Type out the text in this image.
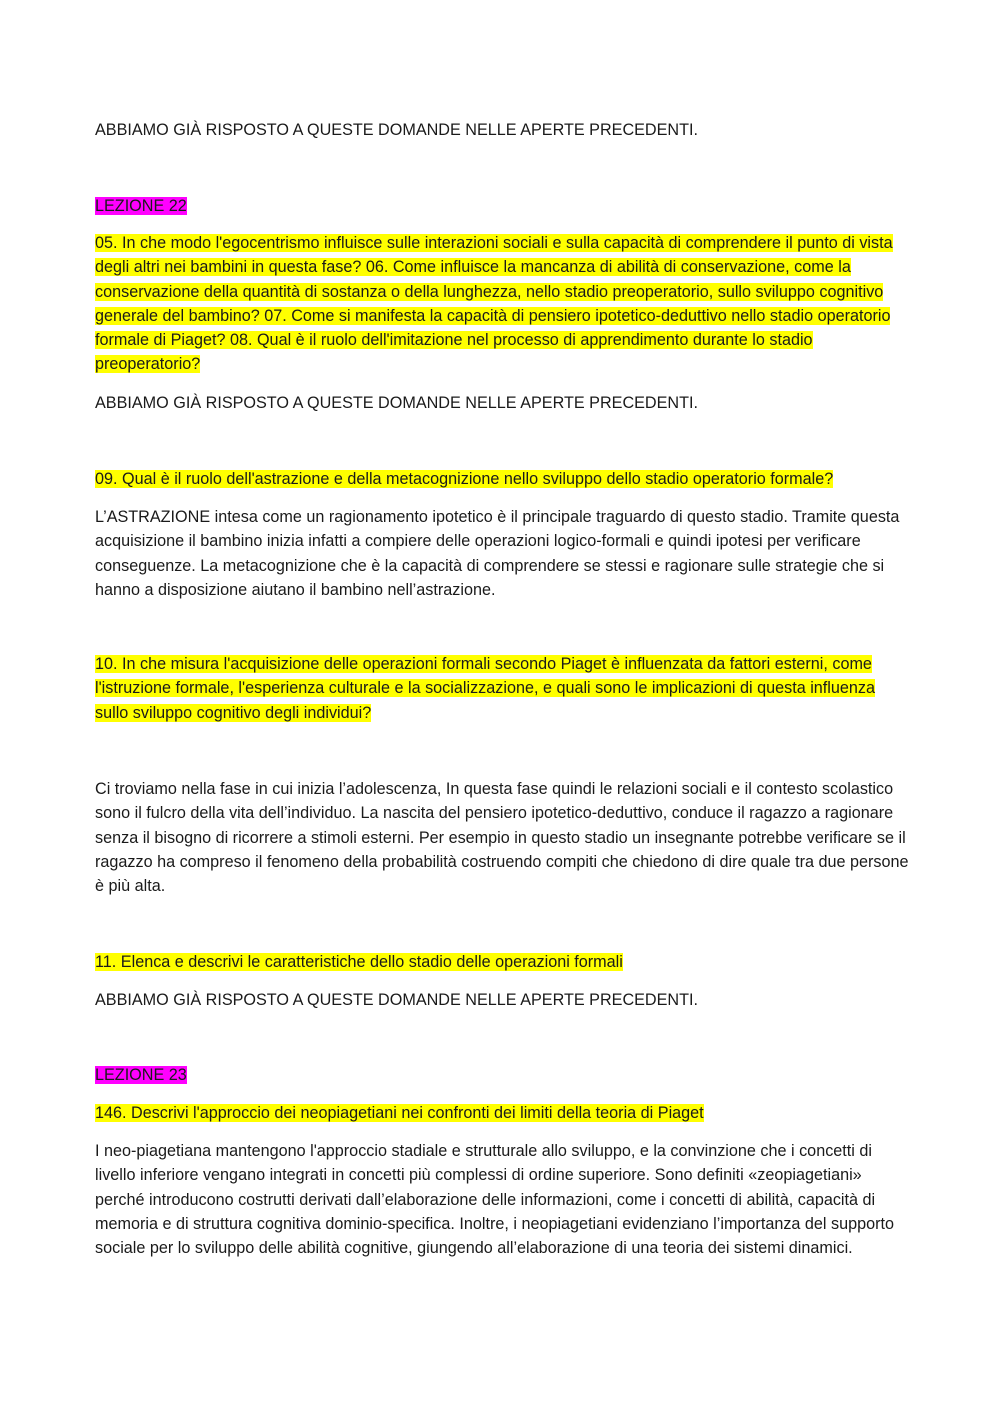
ABBIAMO GIÀ RISPOSTO A QUESTE DOMANDE NELLE APERTE PRECEDENTI.

LEZIONE 22

05. In che modo l'egocentrismo influisce sulle interazioni sociali e sulla capacità di comprendere il punto di vista degli altri nei bambini in questa fase? 06. Come influisce la mancanza di abilità di conservazione, come la conservazione della quantità di sostanza o della lunghezza, nello stadio preoperatorio, sullo sviluppo cognitivo generale del bambino? 07. Come si manifesta la capacità di pensiero ipotetico-deduttivo nello stadio operatorio formale di Piaget? 08. Qual è il ruolo dell'imitazione nel processo di apprendimento durante lo stadio preoperatorio?

ABBIAMO GIÀ RISPOSTO A QUESTE DOMANDE NELLE APERTE PRECEDENTI.

09. Qual è il ruolo dell'astrazione e della metacognizione nello sviluppo dello stadio operatorio formale?

L’ASTRAZIONE intesa come un ragionamento ipotetico è il principale traguardo di questo stadio. Tramite questa acquisizione il bambino inizia infatti a compiere delle operazioni logico-formali e quindi ipotesi per verificare conseguenze. La metacognizione che è la capacità di comprendere se stessi e ragionare sulle strategie che si hanno a disposizione aiutano il bambino nell’astrazione.

10. In che misura l'acquisizione delle operazioni formali secondo Piaget è influenzata da fattori esterni, come l'istruzione formale, l'esperienza culturale e la socializzazione, e quali sono le implicazioni di questa influenza sullo sviluppo cognitivo degli individui?

Ci troviamo nella fase in cui inizia l’adolescenza, In questa fase quindi le relazioni sociali e il contesto scolastico sono il fulcro della vita dell’individuo. La nascita del pensiero ipotetico-deduttivo, conduce il ragazzo a ragionare senza il bisogno di ricorrere a stimoli esterni. Per esempio in questo stadio un insegnante potrebbe verificare se il ragazzo ha compreso il fenomeno della probabilità costruendo compiti che chiedono di dire quale tra due persone è più alta.

11. Elenca e descrivi le caratteristiche dello stadio delle operazioni formali

ABBIAMO GIÀ RISPOSTO A QUESTE DOMANDE NELLE APERTE PRECEDENTI.

LEZIONE 23

146. Descrivi l'approccio dei neopiagetiani nei confronti dei limiti della teoria di Piaget

I neo-piagetiana mantengono l'approccio stadiale e strutturale allo sviluppo, e la convinzione che i concetti di livello inferiore vengano integrati in concetti più complessi di ordine superiore. Sono definiti «zeopiagetiani» perché introducono costrutti derivati dall’elaborazione delle informazioni, come i concetti di abilità, capacità di memoria e di struttura cognitiva dominio-specifica. Inoltre, i neopiagetiani evidenziano l’importanza del supporto sociale per lo sviluppo delle abilità cognitive, giungendo all’elaborazione di una teoria dei sistemi dinamici.
